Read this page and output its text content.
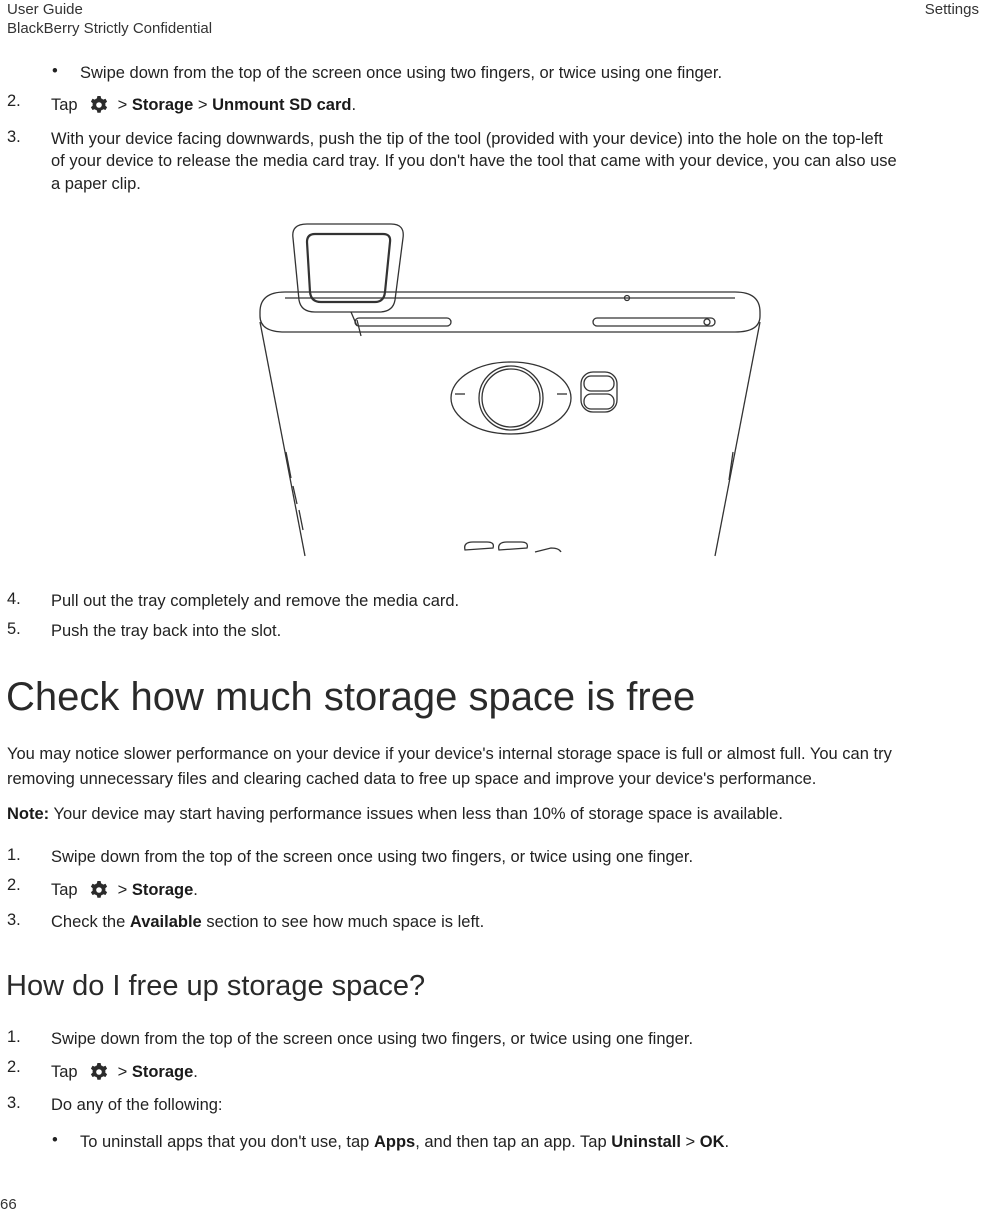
User Guide
BlackBerry Strictly Confidential
Settings
• Swipe down from the top of the screen once using two fingers, or twice using one finger.
2. Tap > Storage > Unmount SD card.
3. With your device facing downwards, push the tip of the tool (provided with your device) into the hole on the top-left
of your device to release the media card tray. If you don't have the tool that came with your device, you can also use
a paper clip.
4. Pull out the tray completely and remove the media card.
5. Push the tray back into the slot.
Check how much storage space is free
You may notice slower performance on your device if your device's internal storage space is full or almost full. You can try
removing unnecessary files and clearing cached data to free up space and improve your device's performance.
Note: Your device may start having performance issues when less than 10% of storage space is available.
1. Swipe down from the top of the screen once using two fingers, or twice using one finger.
2. Tap > Storage.
3. Check the Available section to see how much space is left.
How do I free up storage space?
1. Swipe down from the top of the screen once using two fingers, or twice using one finger.
2. Tap > Storage.
3. Do any of the following:
• To uninstall apps that you don't use, tap Apps, and then tap an app. Tap Uninstall > OK.
66
